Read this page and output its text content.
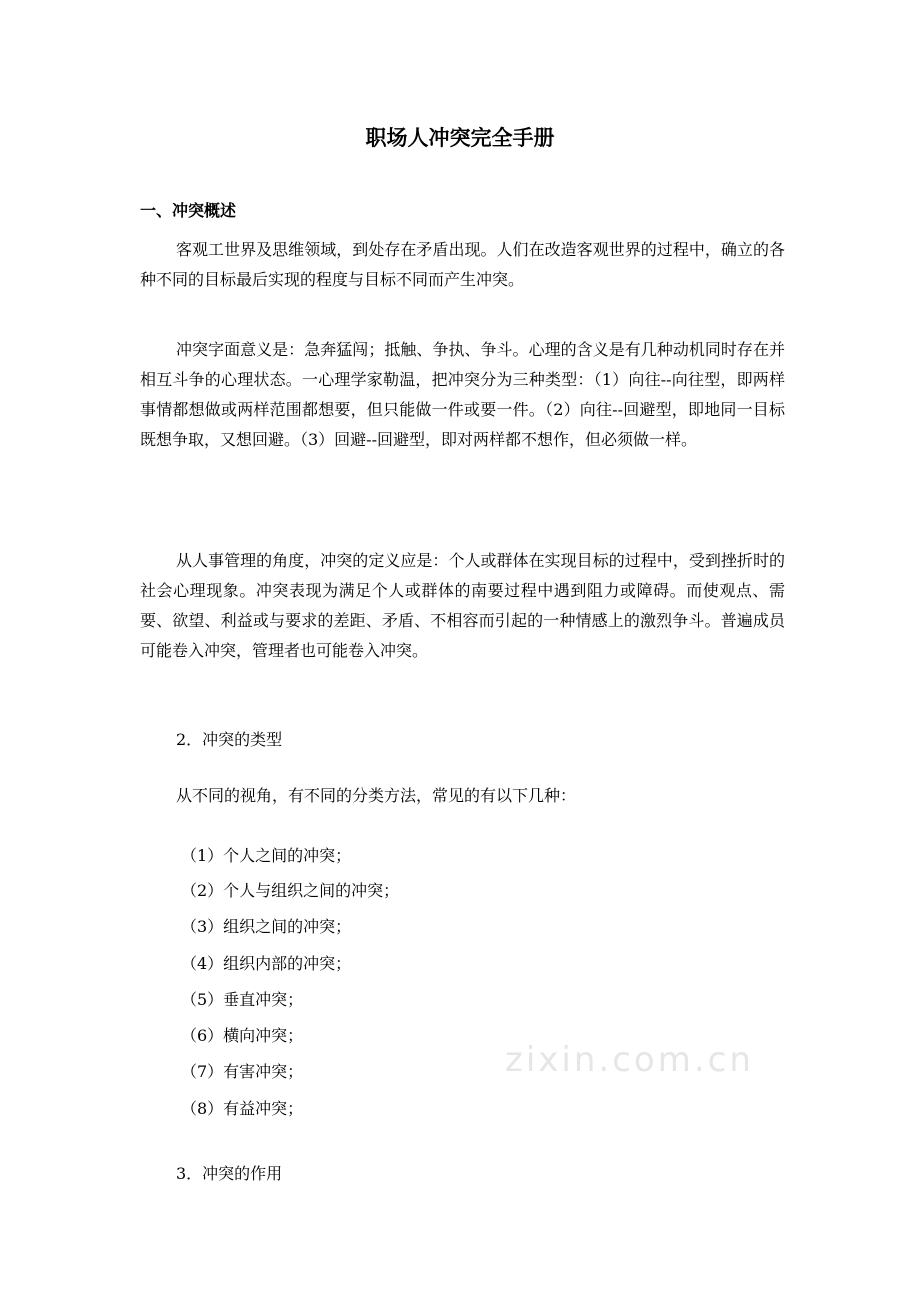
职场人冲突完全手册
一、冲突概述

客观工世界及思维领域，到处存在矛盾出现。人们在改造客观世界的过程中，确立的各种不同的目标最后实现的程度与目标不同而产生冲突。

冲突字面意义是：急奔猛闯；抵触、争执、争斗。心理的含义是有几种动机同时存在并相互斗争的心理状态。一心理学家勒温，把冲突分为三种类型：（1）向往--向往型，即两样事情都想做或两样范围都想要，但只能做一件或要一件。（2）向往--回避型，即地同一目标既想争取，又想回避。（3）回避--回避型，即对两样都不想作，但必须做一样。

从人事管理的角度，冲突的定义应是：个人或群体在实现目标的过程中，受到挫折时的社会心理现象。冲突表现为满足个人或群体的南要过程中遇到阻力或障碍。而使观点、需要、欲望、利益或与要求的差距、矛盾、不相容而引起的一种情感上的激烈争斗。普遍成员可能卷入冲突，管理者也可能卷入冲突。

2．冲突的类型
从不同的视角，有不同的分类方法，常见的有以下几种：
（1）个人之间的冲突；
（2）个人与组织之间的冲突；
（3）组织之间的冲突；
（4）组织内部的冲突；
（5）垂直冲突；
（6）横向冲突；
（7）有害冲突；
（8）有益冲突；
3．冲突的作用
zixin.com.cn
